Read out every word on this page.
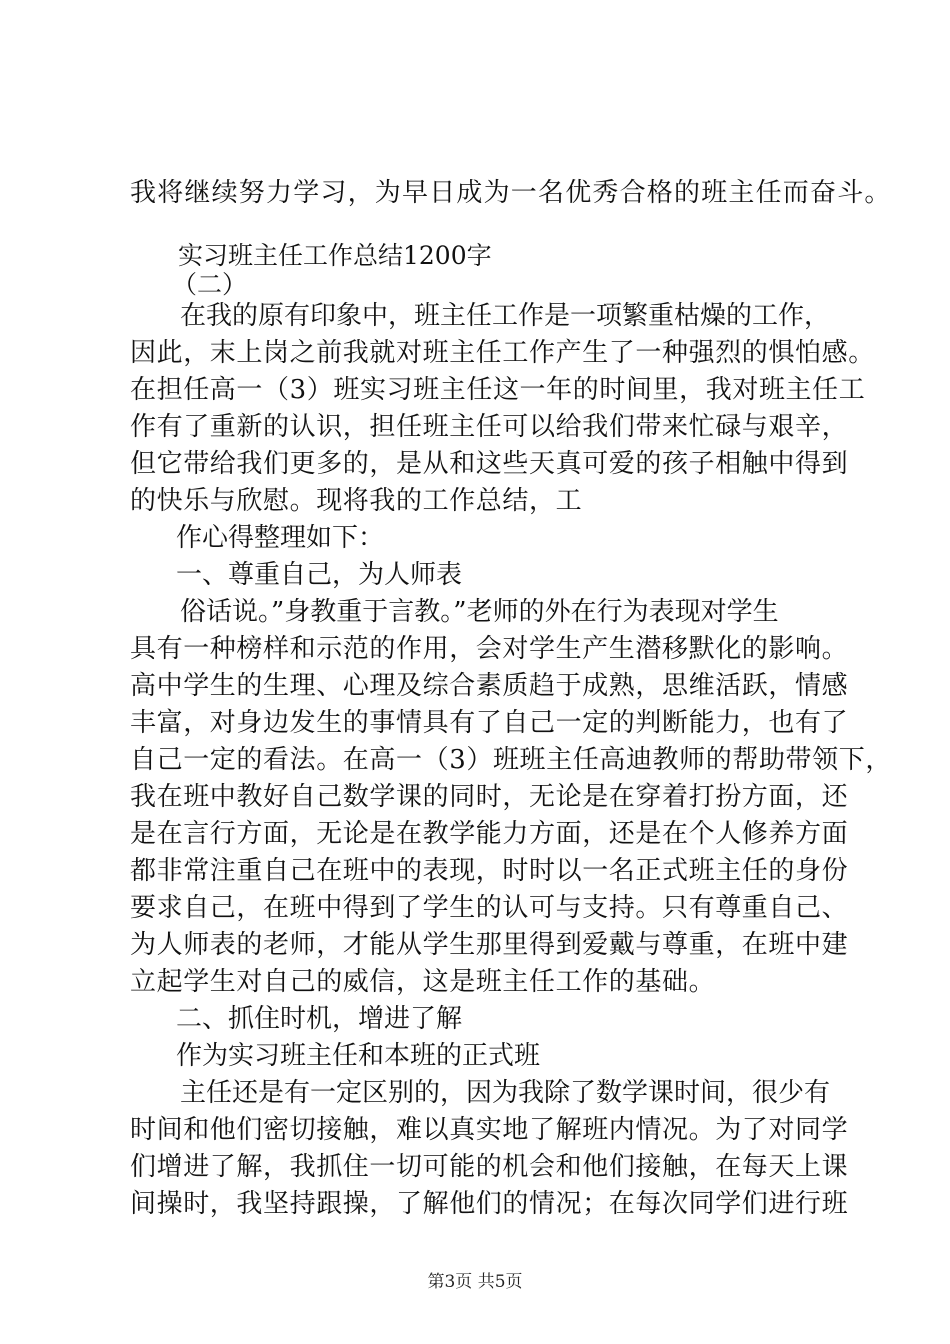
我将继续努力学习，为早日成为一名优秀合格的班主任而奋斗。
实习班主任工作总结1200字
（二）
在我的原有印象中，班主任工作是一项繁重枯燥的工作，
因此，末上岗之前我就对班主任工作产生了一种强烈的惧怕感。
在担任高一（3）班实习班主任这一年的时间里，我对班主任工
作有了重新的认识，担任班主任可以给我们带来忙碌与艰辛，
但它带给我们更多的，是从和这些天真可爱的孩子相触中得到
的快乐与欣慰。现将我的工作总结，工
作心得整理如下：
一、尊重自己，为人师表
俗话说。”身教重于言教。”老师的外在行为表现对学生
具有一种榜样和示范的作用，会对学生产生潜移默化的影响。
高中学生的生理、心理及综合素质趋于成熟，思维活跃，情感
丰富，对身边发生的事情具有了自己一定的判断能力，也有了
自己一定的看法。在高一（3）班班主任高迪教师的帮助带领下，
我在班中教好自己数学课的同时，无论是在穿着打扮方面，还
是在言行方面，无论是在教学能力方面，还是在个人修养方面
都非常注重自己在班中的表现，时时以一名正式班主任的身份
要求自己，在班中得到了学生的认可与支持。只有尊重自己、
为人师表的老师，才能从学生那里得到爱戴与尊重，在班中建
立起学生对自己的威信，这是班主任工作的基础。
二、抓住时机，增进了解
作为实习班主任和本班的正式班
主任还是有一定区别的，因为我除了数学课时间，很少有
时间和他们密切接触，难以真实地了解班内情况。为了对同学
们增进了解，我抓住一切可能的机会和他们接触，在每天上课
间操时，我坚持跟操，了解他们的情况；在每次同学们进行班
第3页 共5页
